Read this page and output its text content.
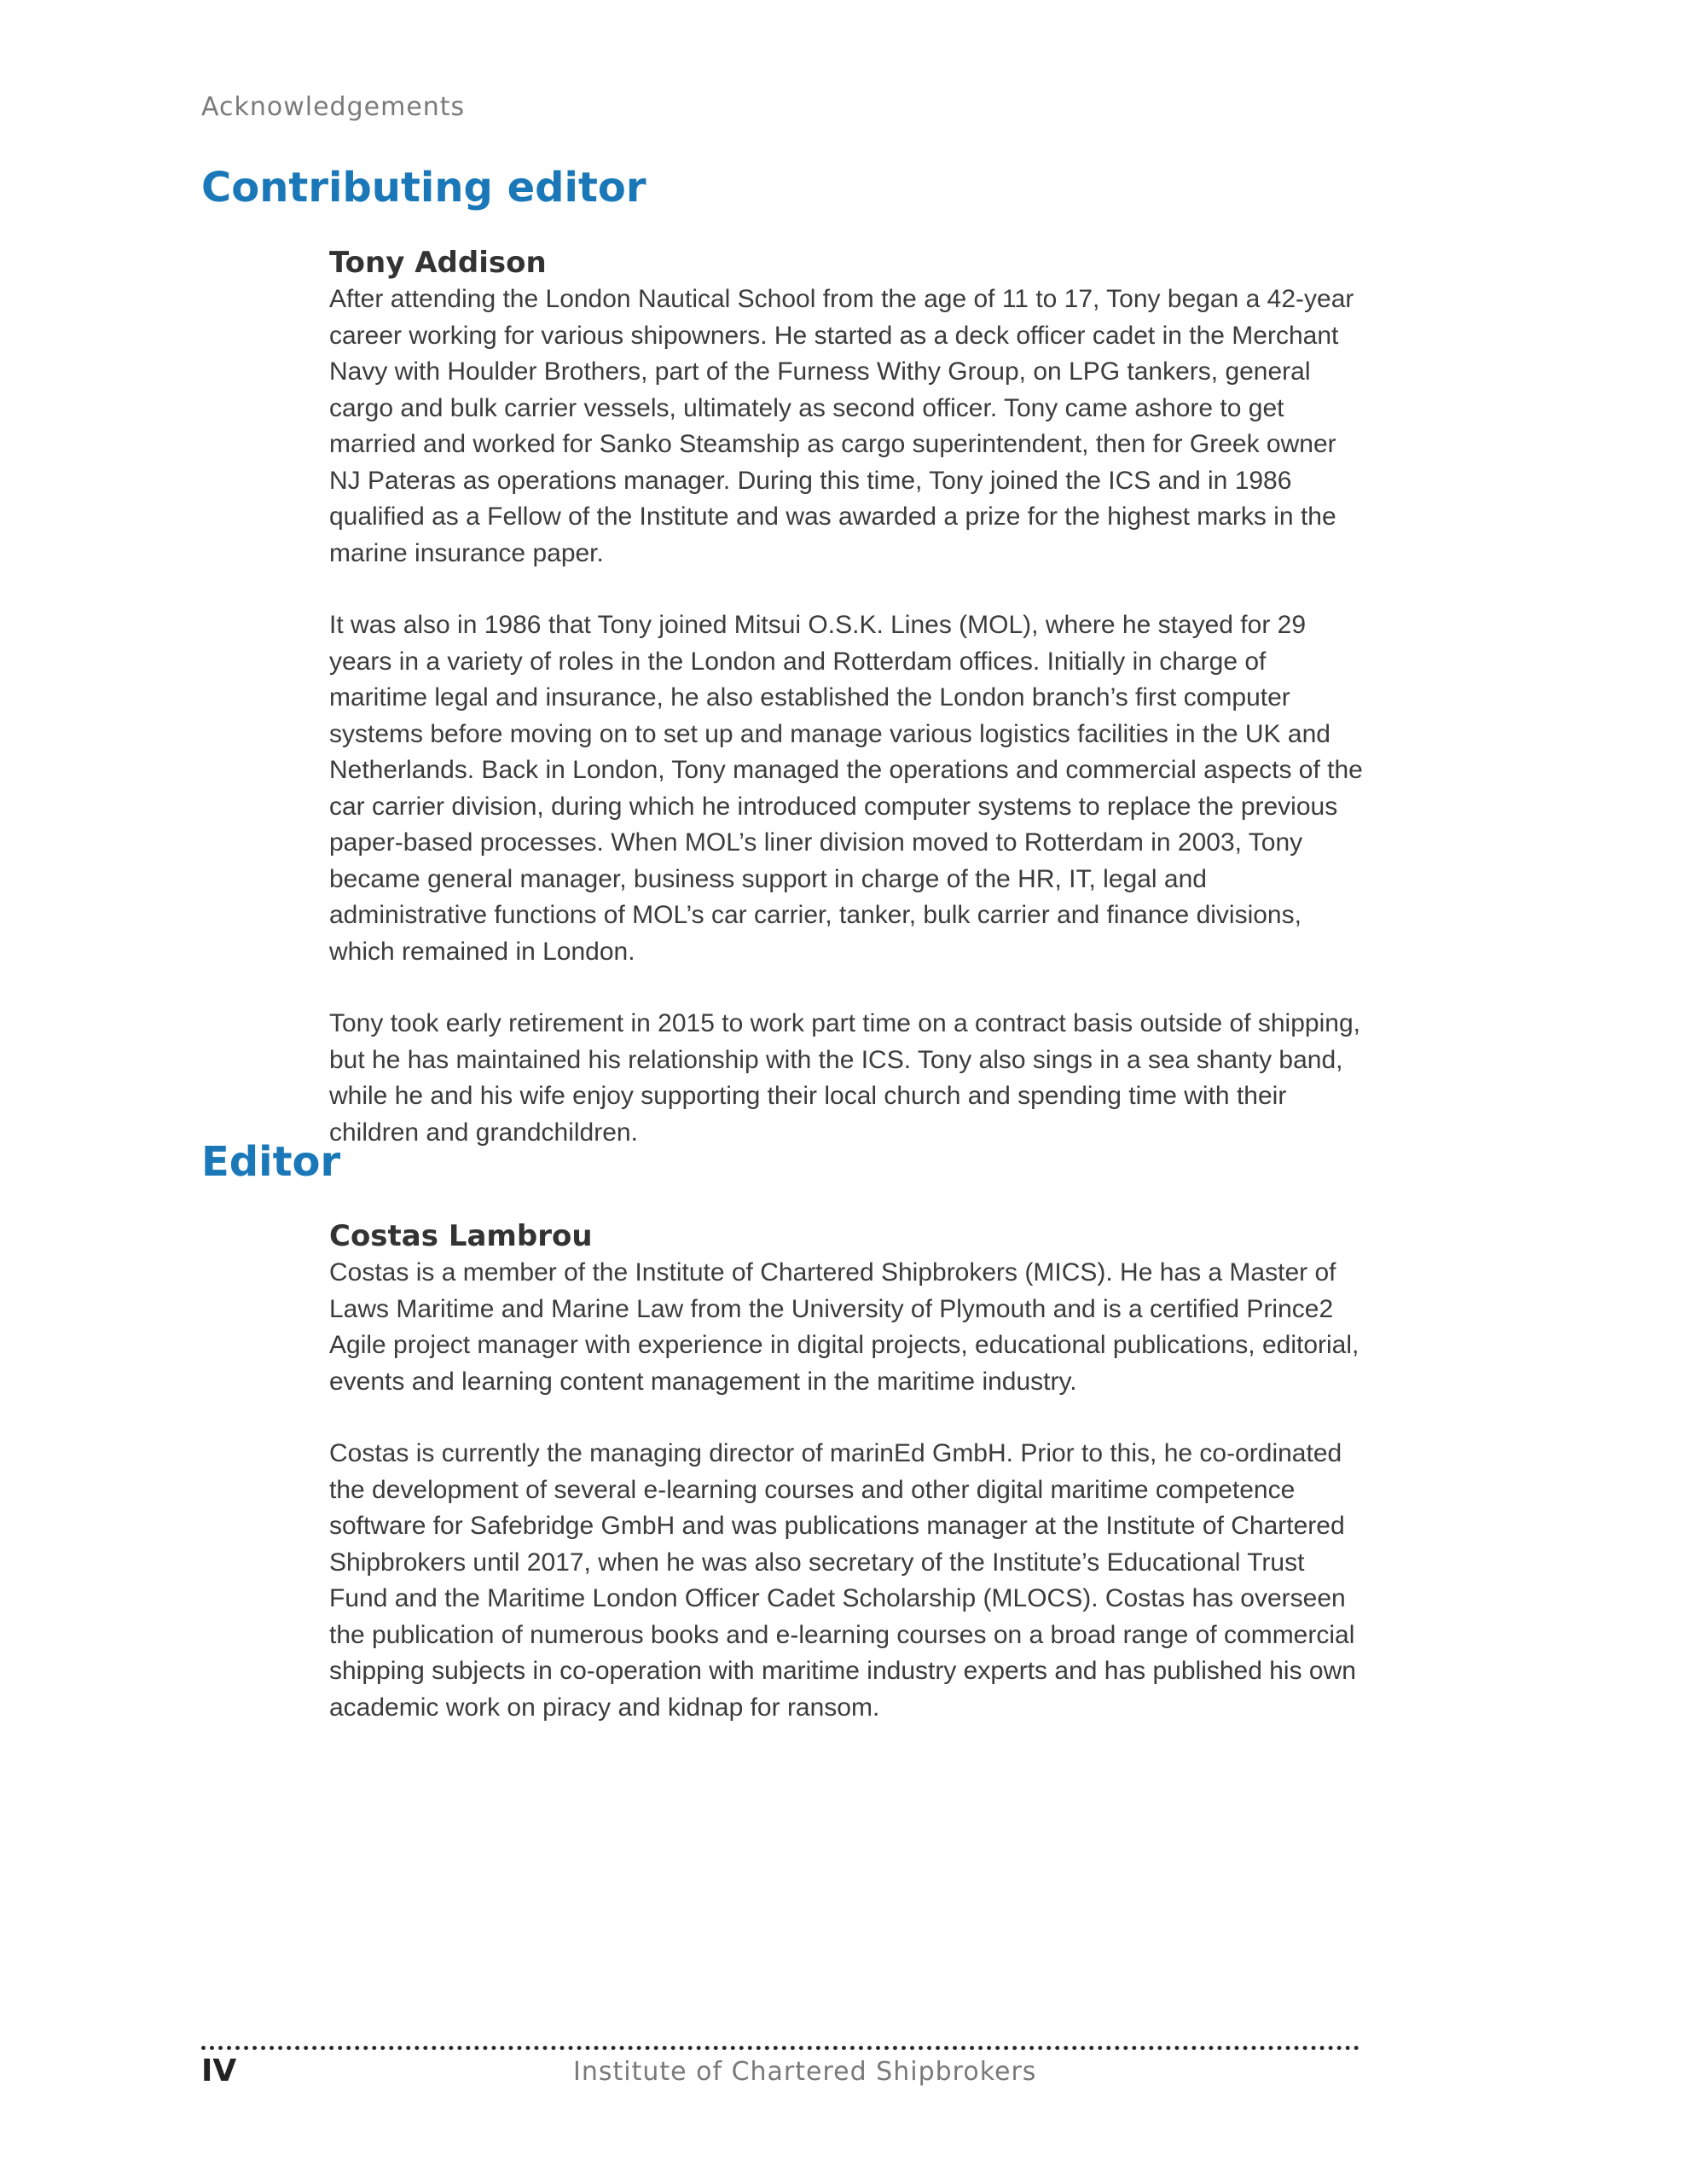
Acknowledgements
Contributing editor
Tony Addison

After attending the London Nautical School from the age of 11 to 17, Tony began a 42-year career working for various shipowners. He started as a deck officer cadet in the Merchant Navy with Houlder Brothers, part of the Furness Withy Group, on LPG tankers, general cargo and bulk carrier vessels, ultimately as second officer. Tony came ashore to get married and worked for Sanko Steamship as cargo superintendent, then for Greek owner NJ Pateras as operations manager. During this time, Tony joined the ICS and in 1986 qualified as a Fellow of the Institute and was awarded a prize for the highest marks in the marine insurance paper.

It was also in 1986 that Tony joined Mitsui O.S.K. Lines (MOL), where he stayed for 29 years in a variety of roles in the London and Rotterdam offices. Initially in charge of maritime legal and insurance, he also established the London branch’s first computer systems before moving on to set up and manage various logistics facilities in the UK and Netherlands. Back in London, Tony managed the operations and commercial aspects of the car carrier division, during which he introduced computer systems to replace the previous paper-based processes. When MOL’s liner division moved to Rotterdam in 2003, Tony became general manager, business support in charge of the HR, IT, legal and administrative functions of MOL’s car carrier, tanker, bulk carrier and finance divisions, which remained in London.

Tony took early retirement in 2015 to work part time on a contract basis outside of shipping, but he has maintained his relationship with the ICS. Tony also sings in a sea shanty band, while he and his wife enjoy supporting their local church and spending time with their children and grandchildren.

Editor
Costas Lambrou

Costas is a member of the Institute of Chartered Shipbrokers (MICS). He has a Master of Laws Maritime and Marine Law from the University of Plymouth and is a certified Prince2 Agile project manager with experience in digital projects, educational publications, editorial, events and learning content management in the maritime industry.

Costas is currently the managing director of marinEd GmbH. Prior to this, he co-ordinated the development of several e-learning courses and other digital maritime competence software for Safebridge GmbH and was publications manager at the Institute of Chartered Shipbrokers until 2017, when he was also secretary of the Institute’s Educational Trust Fund and the Maritime London Officer Cadet Scholarship (MLOCS). Costas has overseen the publication of numerous books and e-learning courses on a broad range of commercial shipping subjects in co-operation with maritime industry experts and has published his own academic work on piracy and kidnap for ransom.

IV	Institute of Chartered Shipbrokers
